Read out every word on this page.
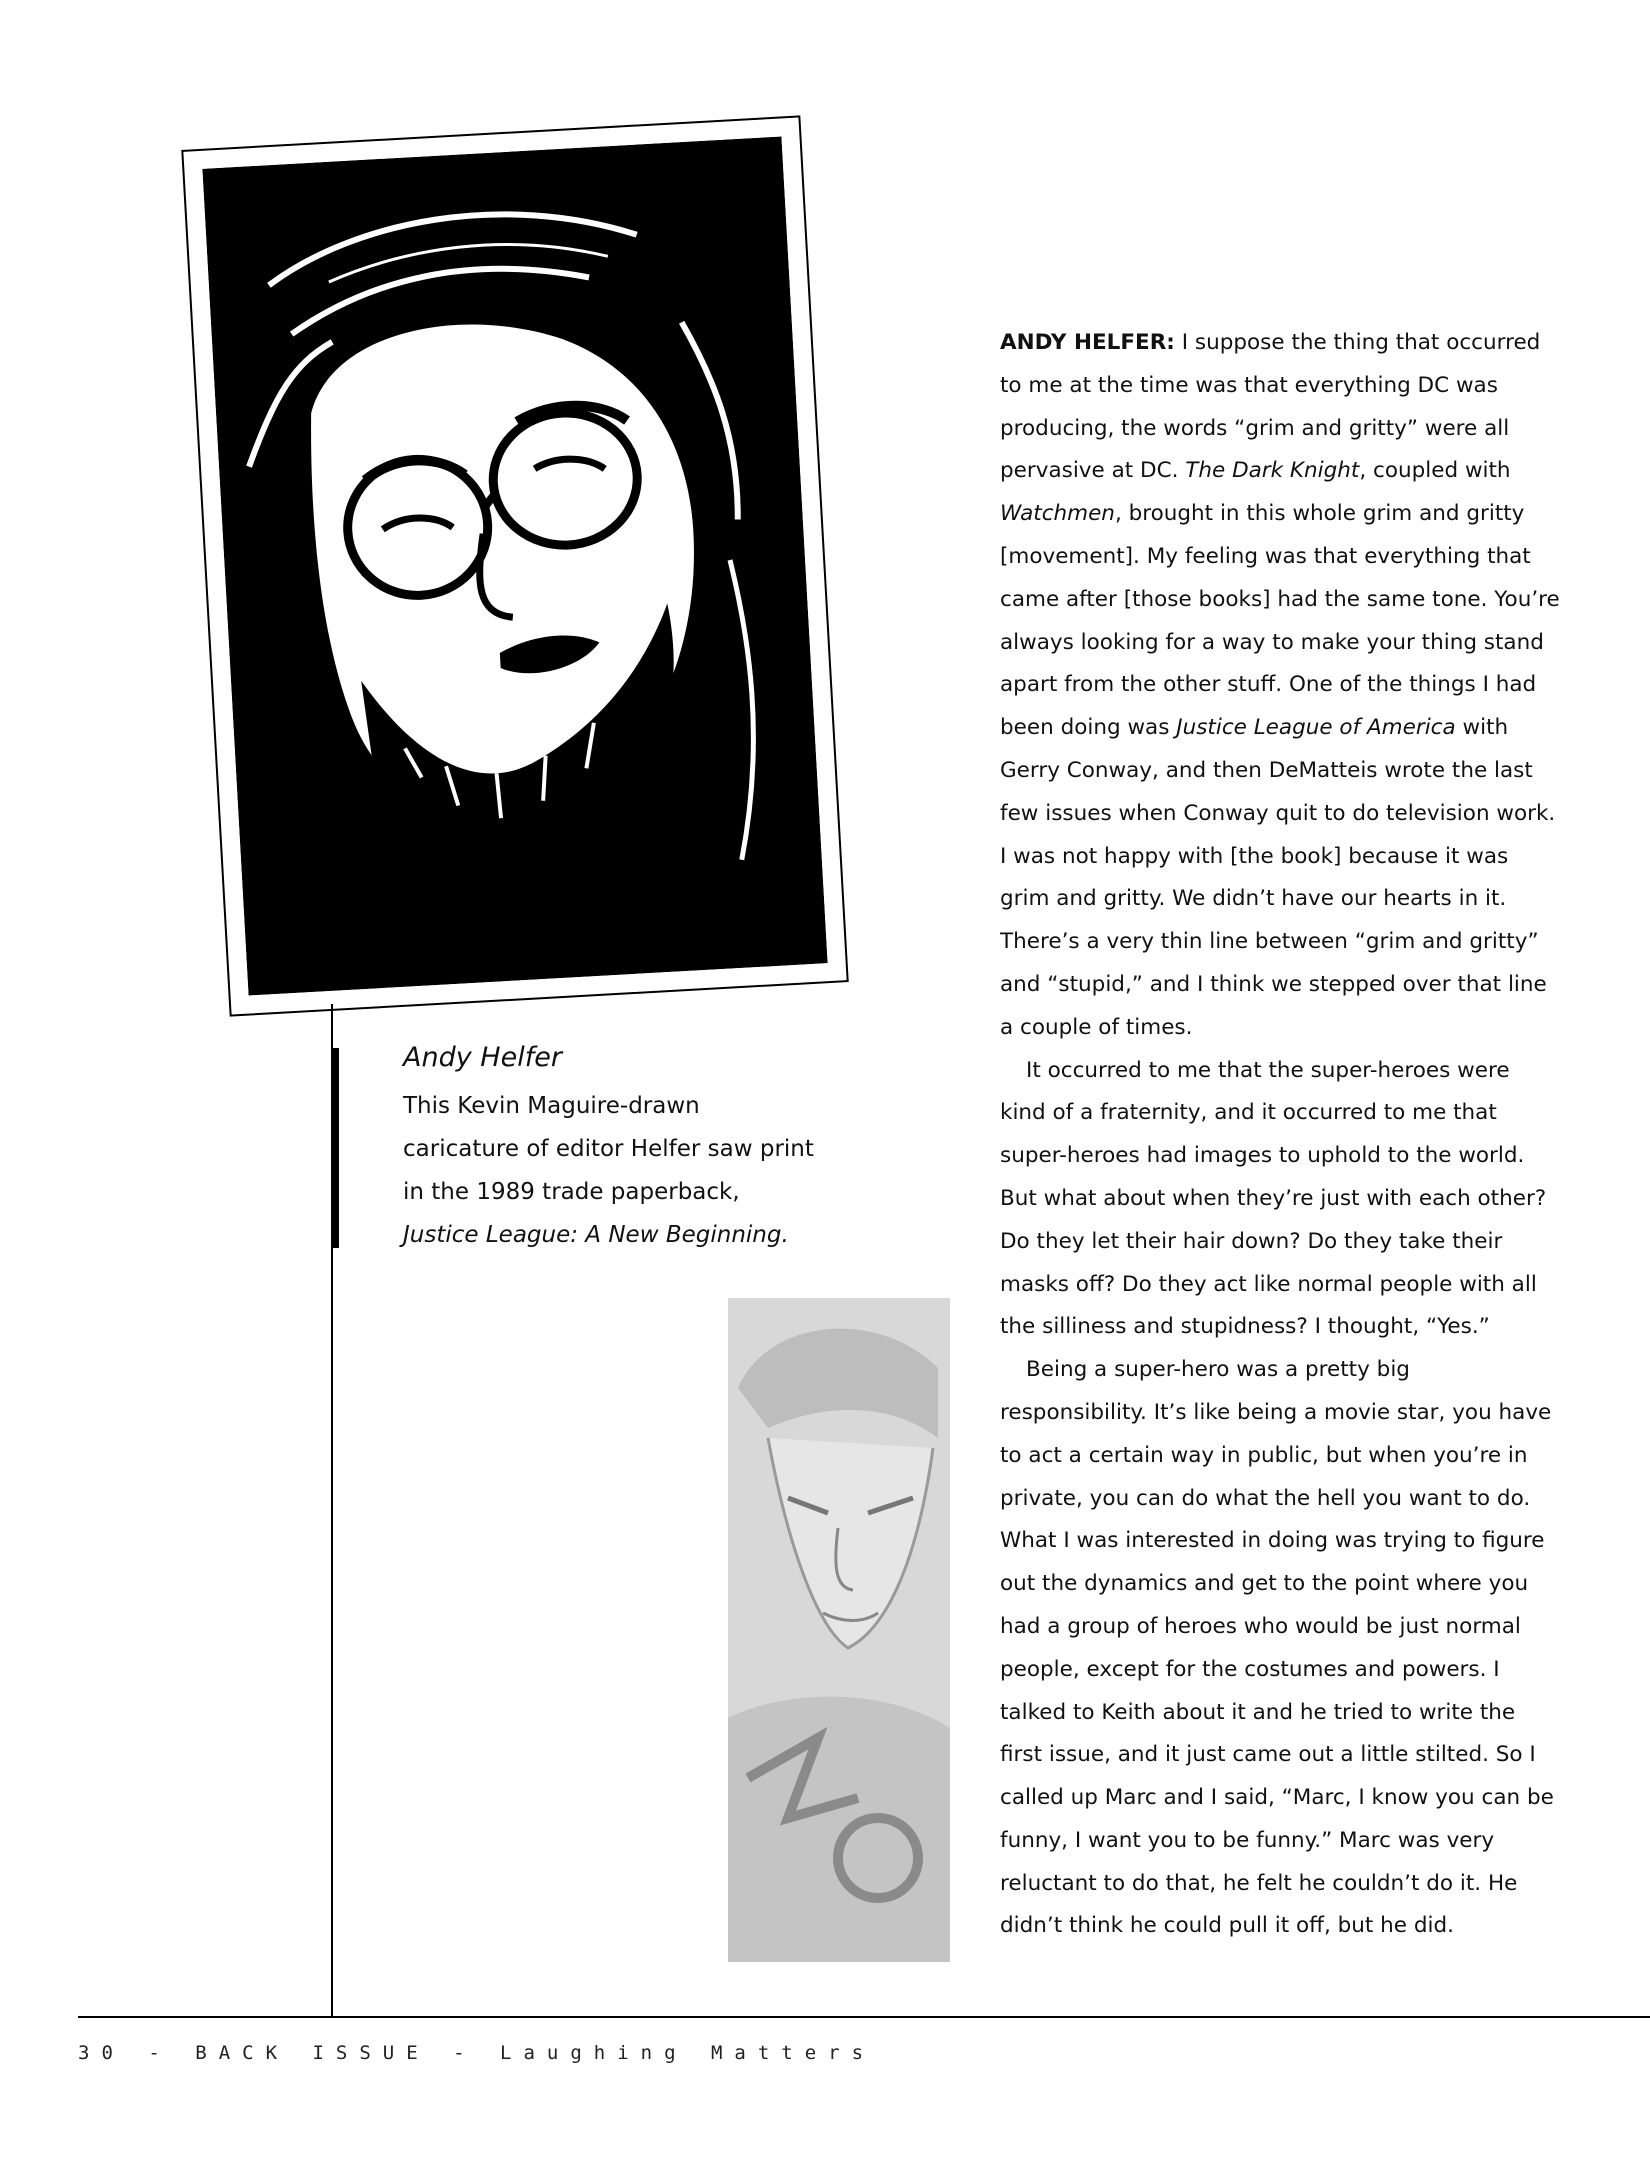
Andy Helfer

This Kevin Maguire-drawn
caricature of editor Helfer saw print
in the 1989 trade paperback,
Justice League: A New Beginning.

ANDY HELFER: I suppose the thing that occurred to me at the time was that everything DC was producing, the words “grim and gritty” were all pervasive at DC. The Dark Knight, coupled with Watchmen, brought in this whole grim and gritty [movement]. My feeling was that everything that came after [those books] had the same tone. You’re always looking for a way to make your thing stand apart from the other stuff. One of the things I had been doing was Justice League of America with Gerry Conway, and then DeMatteis wrote the last few issues when Conway quit to do television work. I was not happy with [the book] because it was grim and gritty. We didn’t have our hearts in it. There’s a very thin line between “grim and gritty” and “stupid,” and I think we stepped over that line a couple of times.

It occurred to me that the super-heroes were kind of a fraternity, and it occurred to me that super-heroes had images to uphold to the world. But what about when they’re just with each other? Do they let their hair down? Do they take their masks off? Do they act like normal people with all the silliness and stupidness? I thought, “Yes.”

Being a super-hero was a pretty big responsibility. It’s like being a movie star, you have to act a certain way in public, but when you’re in private, you can do what the hell you want to do. What I was interested in doing was trying to figure out the dynamics and get to the point where you had a group of heroes who would be just normal people, except for the costumes and powers. I talked to Keith about it and he tried to write the first issue, and it just came out a little stilted. So I called up Marc and I said, “Marc, I know you can be funny, I want you to be funny.” Marc was very reluctant to do that, he felt he couldn’t do it. He didn’t think he could pull it off, but he did.

30 - BACK ISSUE - Laughing Matters
